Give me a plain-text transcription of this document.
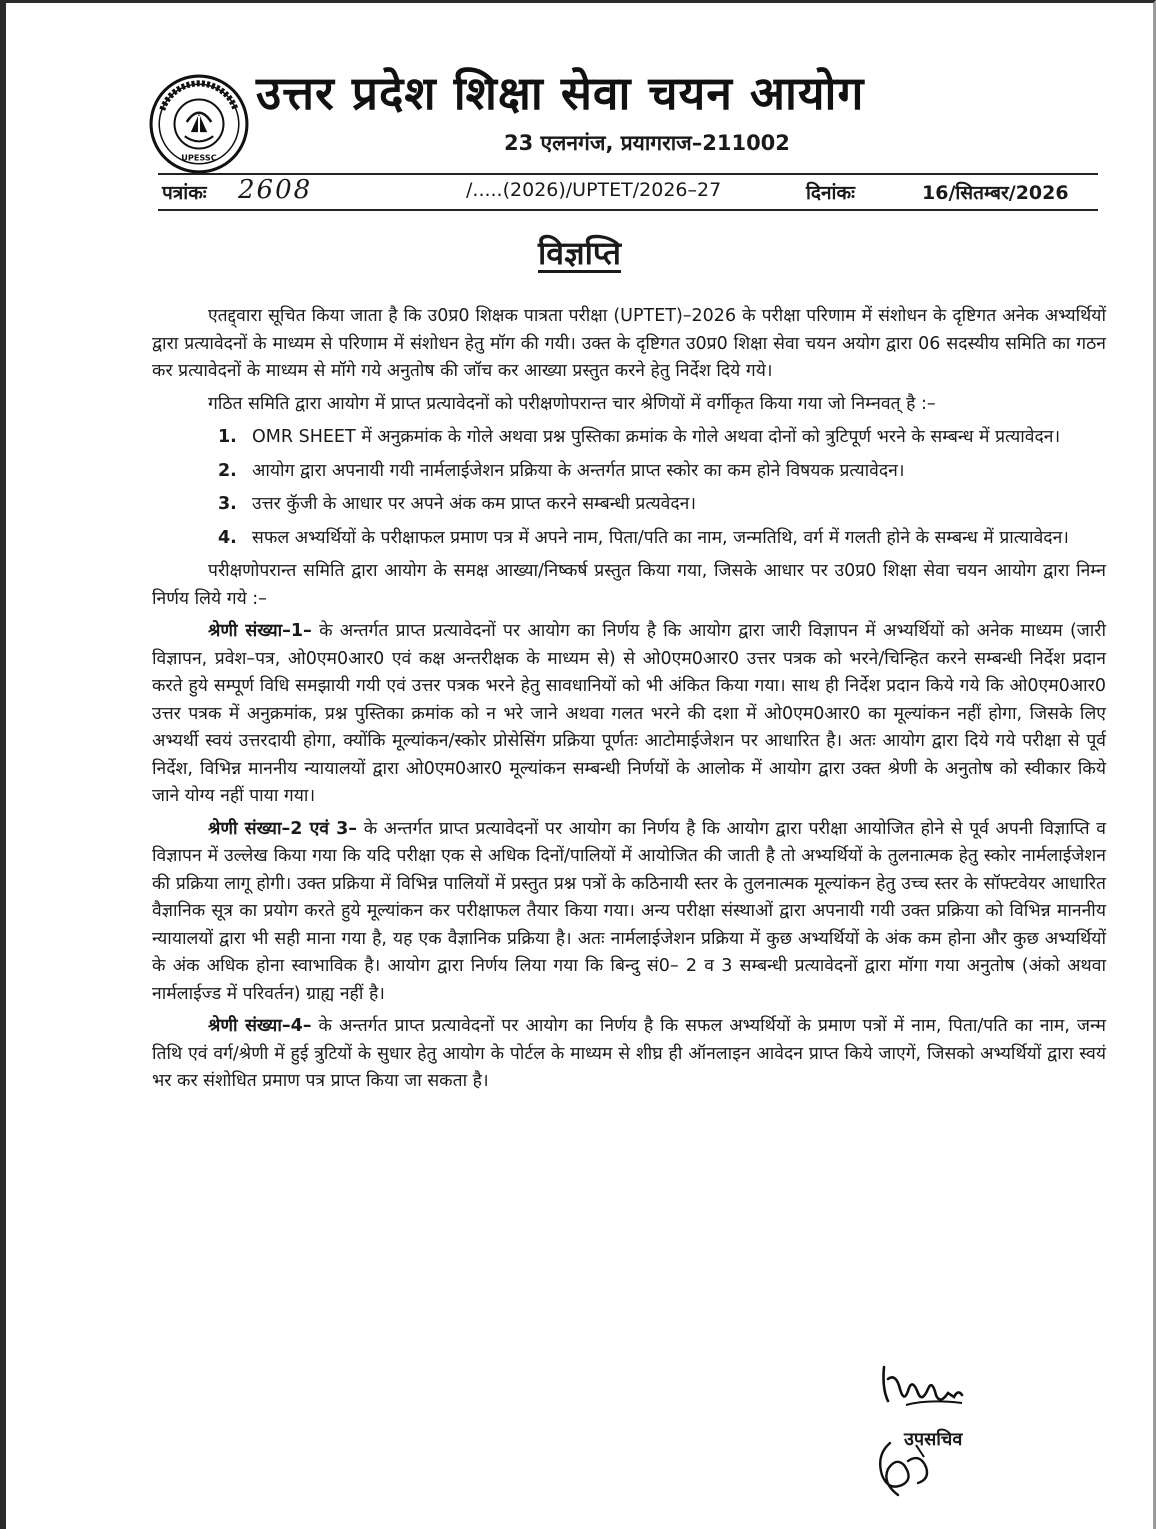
UPESSC
उत्तर प्रदेश शिक्षा सेवा चयन आयोग
23 एलनगंज, प्रयागराज–211002
पत्रांकः 2608	/.....(2026)/UPTET/2026–27	दिनांकः	16/सितम्बर/2026
विज्ञप्ति

एतद्द्वारा सूचित किया जाता है कि उ0प्र0 शिक्षक पात्रता परीक्षा (UPTET)–2026 के परीक्षा परिणाम में संशोधन के दृष्टिगत अनेक अभ्यर्थियों द्वारा प्रत्यावेदनों के माध्यम से परिणाम में संशोधन हेतु मॉग की गयी। उक्त के दृष्टिगत उ0प्र0 शिक्षा सेवा चयन अयोग द्वारा 06 सदस्यीय समिति का गठन कर प्रत्यावेदनों के माध्यम से मॉगे गये अनुतोष की जॉच कर आख्या प्रस्तुत करने हेतु निर्देश दिये गये।

गठित समिति द्वारा आयोग में प्राप्त प्रत्यावेदनों को परीक्षणोपरान्त चार श्रेणियों में वर्गीकृत किया गया जो निम्नवत् है :–

1. OMR SHEET में अनुक्रमांक के गोले अथवा प्रश्न पुस्तिका क्रमांक के गोले अथवा दोनों को त्रुटिपूर्ण भरने के सम्बन्ध में प्रत्यावेदन।
2. आयोग द्वारा अपनायी गयी नार्मलाईजेशन प्रक्रिया के अन्तर्गत प्राप्त स्कोर का कम होने विषयक प्रत्यावेदन।
3. उत्तर कुॅजी के आधार पर अपने अंक कम प्राप्त करने सम्बन्धी प्रत्यवेदन।
4. सफल अभ्यर्थियों के परीक्षाफल प्रमाण पत्र में अपने नाम, पिता/पति का नाम, जन्मतिथि, वर्ग में गलती होने के सम्बन्ध में प्रात्यावेदन।

परीक्षणोपरान्त समिति द्वारा आयोग के समक्ष आख्या/निष्कर्ष प्रस्तुत किया गया, जिसके आधार पर उ0प्र0 शिक्षा सेवा चयन आयोग द्वारा निम्न निर्णय लिये गये :–

श्रेणी संख्या–1– के अन्तर्गत प्राप्त प्रत्यावेदनों पर आयोग का निर्णय है कि आयोग द्वारा जारी विज्ञापन में अभ्यर्थियों को अनेक माध्यम (जारी विज्ञापन, प्रवेश–पत्र, ओ0एम0आर0 एवं कक्ष अन्तरीक्षक के माध्यम से) से ओ0एम0आर0 उत्तर पत्रक को भरने/चिन्हित करने सम्बन्धी निर्देश प्रदान करते हुये सम्पूर्ण विधि समझायी गयी एवं उत्तर पत्रक भरने हेतु सावधानियों को भी अंकित किया गया। साथ ही निर्देश प्रदान किये गये कि ओ0एम0आर0 उत्तर पत्रक में अनुक्रमांक, प्रश्न पुस्तिका क्रमांक को न भरे जाने अथवा गलत भरने की दशा में ओ0एम0आर0 का मूल्यांकन नहीं होगा, जिसके लिए अभ्यर्थी स्वयं उत्तरदायी होगा, क्योंकि मूल्यांकन/स्कोर प्रोसेसिंग प्रक्रिया पूर्णतः आटोमाईजेशन पर आधारित है। अतः आयोग द्वारा दिये गये परीक्षा से पूर्व निर्देश, विभिन्न माननीय न्यायालयों द्वारा ओ0एम0आर0 मूल्यांकन सम्बन्धी निर्णयों के आलोक में आयोग द्वारा उक्त श्रेणी के अनुतोष को स्वीकार किये जाने योग्य नहीं पाया गया।

श्रेणी संख्या–2 एवं 3– के अन्तर्गत प्राप्त प्रत्यावेदनों पर आयोग का निर्णय है कि आयोग द्वारा परीक्षा आयोजित होने से पूर्व अपनी विज्ञाप्ति व विज्ञापन में उल्लेख किया गया कि यदि परीक्षा एक से अधिक दिनों/पालियों में आयोजित की जाती है तो अभ्यर्थियों के तुलनात्मक हेतु स्कोर नार्मलाईजेशन की प्रक्रिया लागू होगी। उक्त प्रक्रिया में विभिन्न पालियों में प्रस्तुत प्रश्न पत्रों के कठिनायी स्तर के तुलनात्मक मूल्यांकन हेतु उच्च स्तर के सॉफ्टवेयर आधारित वैज्ञानिक सूत्र का प्रयोग करते हुये मूल्यांकन कर परीक्षाफल तैयार किया गया। अन्य परीक्षा संस्थाओं द्वारा अपनायी गयी उक्त प्रक्रिया को विभिन्न माननीय न्यायालयों द्वारा भी सही माना गया है, यह एक वैज्ञानिक प्रक्रिया है। अतः नार्मलाईजेशन प्रक्रिया में कुछ अभ्यर्थियों के अंक कम होना और कुछ अभ्यर्थियों के अंक अधिक होना स्वाभाविक है। आयोग द्वारा निर्णय लिया गया कि बिन्दु सं0– 2 व 3 सम्बन्धी प्रत्यावेदनों द्वारा मॉगा गया अनुतोष (अंको अथवा नार्मलाईज्ड में परिवर्तन) ग्राह्य नहीं है।

श्रेणी संख्या–4– के अन्तर्गत प्राप्त प्रत्यावेदनों पर आयोग का निर्णय है कि सफल अभ्यर्थियों के प्रमाण पत्रों में नाम, पिता/पति का नाम, जन्म तिथि एवं वर्ग/श्रेणी में हुई त्रुटियों के सुधार हेतु आयोग के पोर्टल के माध्यम से शीघ्र ही ऑनलाइन आवेदन प्राप्त किये जाएगें, जिसको अभ्यर्थियों द्वारा स्वयं भर कर संशोधित प्रमाण पत्र प्राप्त किया जा सकता है।

उपसचिव
